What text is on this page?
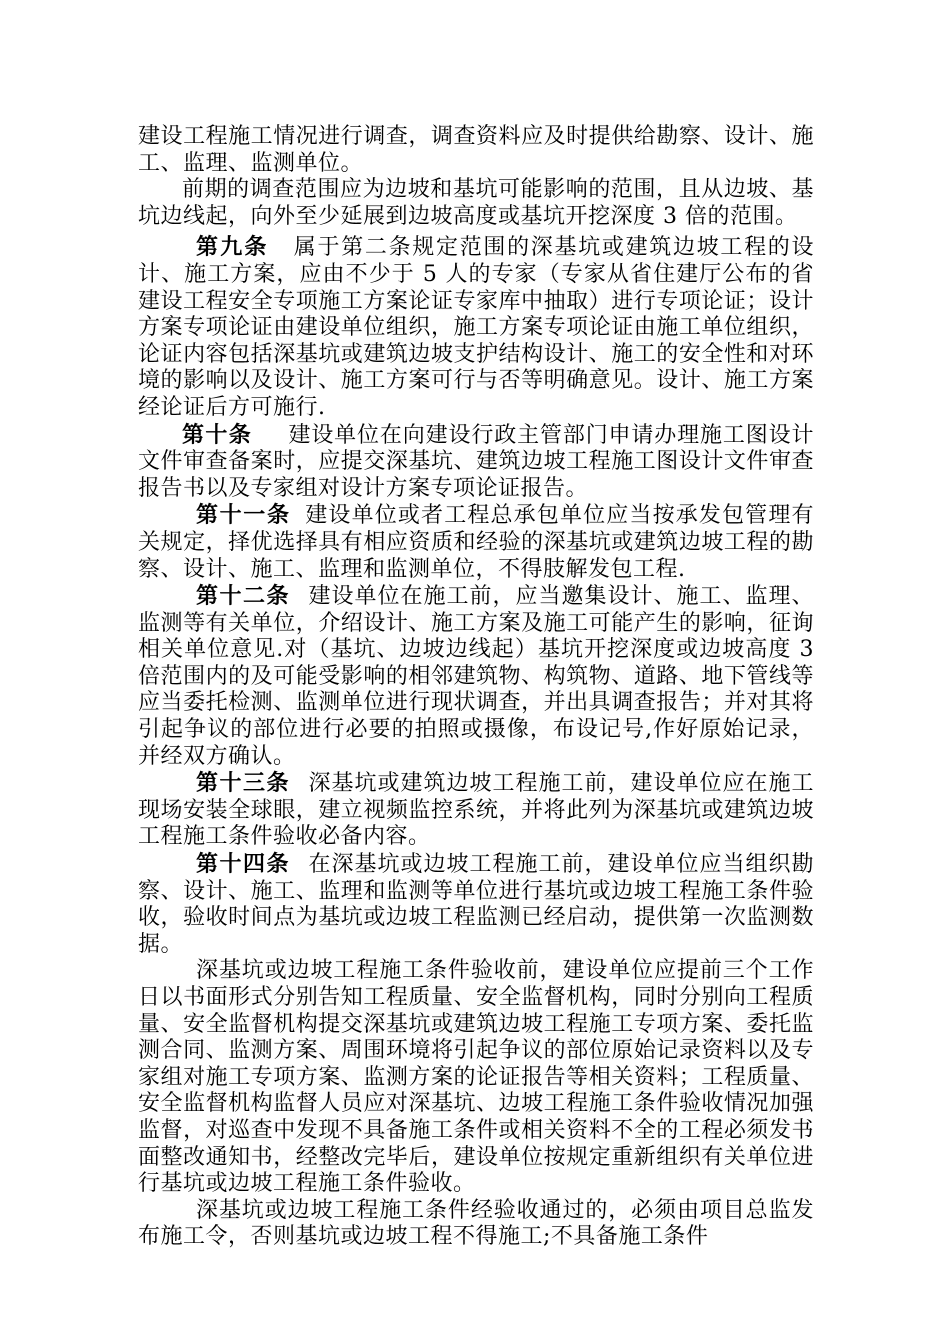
建设工程施工情况进行调查，调查资料应及时提供给勘察、设计、施工、监理、监测单位。

前期的调查范围应为边坡和基坑可能影响的范围，且从边坡、基坑边线起，向外至少延展到边坡高度或基坑开挖深度 3 倍的范围。

第九条 属于第二条规定范围的深基坑或建筑边坡工程的设计、施工方案，应由不少于 5 人的专家（专家从省住建厅公布的省建设工程安全专项施工方案论证专家库中抽取）进行专项论证；设计方案专项论证由建设单位组织，施工方案专项论证由施工单位组织，论证内容包括深基坑或建筑边坡支护结构设计、施工的安全性和对环境的影响以及设计、施工方案可行与否等明确意见。设计、施工方案经论证后方可施行.

第十条 建设单位在向建设行政主管部门申请办理施工图设计文件审查备案时，应提交深基坑、建筑边坡工程施工图设计文件审查报告书以及专家组对设计方案专项论证报告。

第十一条 建设单位或者工程总承包单位应当按承发包管理有关规定，择优选择具有相应资质和经验的深基坑或建筑边坡工程的勘察、设计、施工、监理和监测单位，不得肢解发包工程.

第十二条 建设单位在施工前，应当邀集设计、施工、监理、监测等有关单位，介绍设计、施工方案及施工可能产生的影响，征询相关单位意见.对（基坑、边坡边线起）基坑开挖深度或边坡高度 3 倍范围内的及可能受影响的相邻建筑物、构筑物、道路、地下管线等应当委托检测、监测单位进行现状调查，并出具调查报告；并对其将引起争议的部位进行必要的拍照或摄像，布设记号,作好原始记录，并经双方确认。

第十三条 深基坑或建筑边坡工程施工前，建设单位应在施工现场安装全球眼，建立视频监控系统，并将此列为深基坑或建筑边坡工程施工条件验收必备内容。

第十四条 在深基坑或边坡工程施工前，建设单位应当组织勘察、设计、施工、监理和监测等单位进行基坑或边坡工程施工条件验收，验收时间点为基坑或边坡工程监测已经启动，提供第一次监测数据。

深基坑或边坡工程施工条件验收前，建设单位应提前三个工作日以书面形式分别告知工程质量、安全监督机构，同时分别向工程质量、安全监督机构提交深基坑或建筑边坡工程施工专项方案、委托监测合同、监测方案、周围环境将引起争议的部位原始记录资料以及专家组对施工专项方案、监测方案的论证报告等相关资料；工程质量、安全监督机构监督人员应对深基坑、边坡工程施工条件验收情况加强监督，对巡查中发现不具备施工条件或相关资料不全的工程必须发书面整改通知书，经整改完毕后，建设单位按规定重新组织有关单位进行基坑或边坡工程施工条件验收。

深基坑或边坡工程施工条件经验收通过的，必须由项目总监发布施工令，否则基坑或边坡工程不得施工;不具备施工条件
